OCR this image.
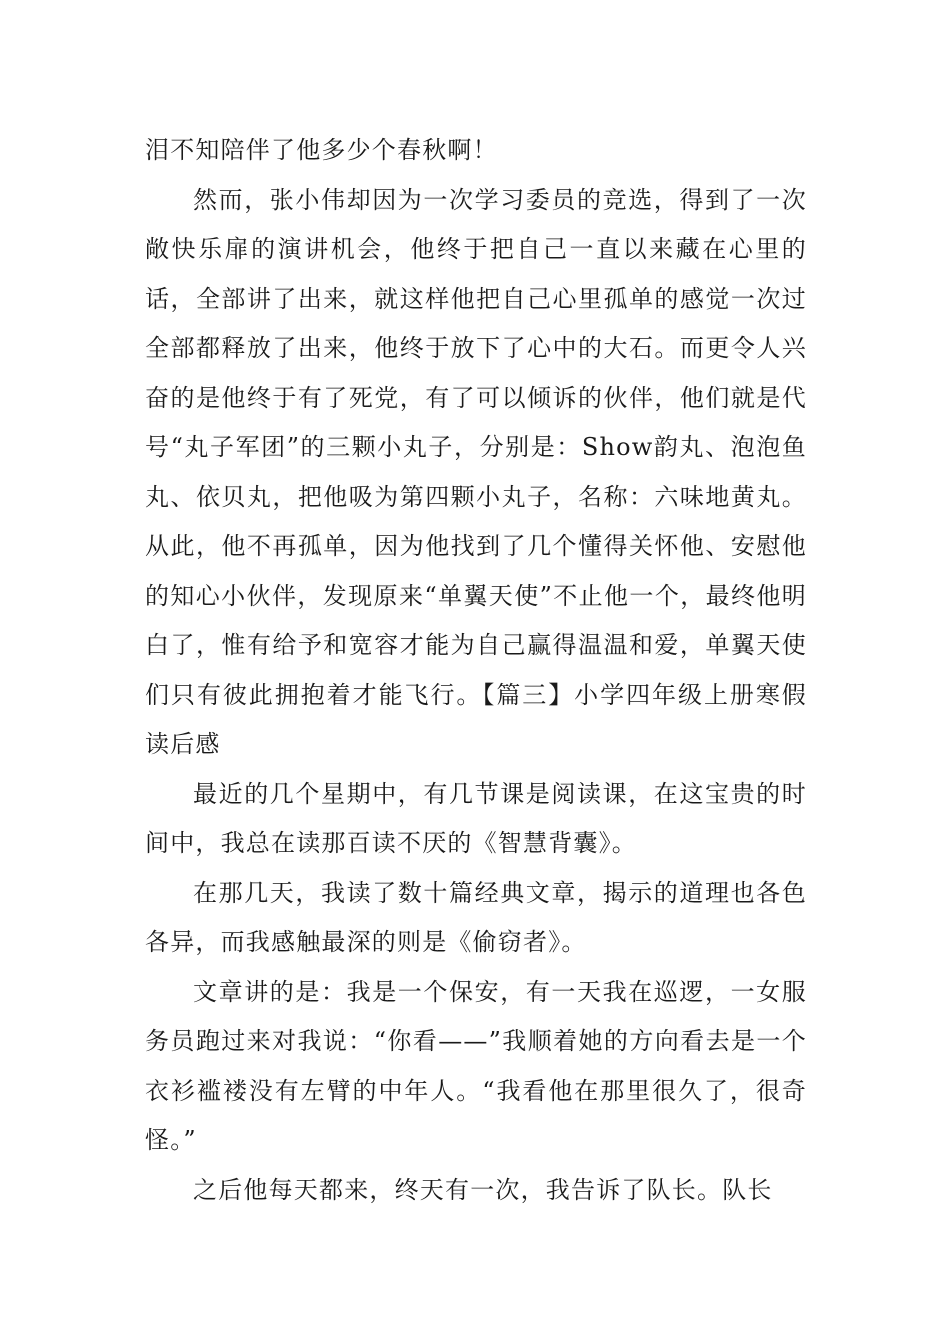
泪不知陪伴了他多少个春秋啊！

然而，张小伟却因为一次学习委员的竞选，得到了一次敞快乐扉的演讲机会，他终于把自己一直以来藏在心里的话，全部讲了出来，就这样他把自己心里孤单的感觉一次过全部都释放了出来，他终于放下了心中的大石。而更令人兴奋的是他终于有了死党，有了可以倾诉的伙伴，他们就是代号“丸子军团”的三颗小丸子，分别是：Show韵丸、泡泡鱼丸、依贝丸，把他吸为第四颗小丸子，名称：六味地黄丸。从此，他不再孤单，因为他找到了几个懂得关怀他、安慰他的知心小伙伴，发现原来“单翼天使”不止他一个，最终他明白了，惟有给予和宽容才能为自己赢得温温和爱，单翼天使们只有彼此拥抱着才能飞行。【篇三】小学四年级上册寒假读后感

最近的几个星期中，有几节课是阅读课，在这宝贵的时间中，我总在读那百读不厌的《智慧背囊》。

在那几天，我读了数十篇经典文章，揭示的道理也各色各异，而我感触最深的则是《偷窃者》。

文章讲的是：我是一个保安，有一天我在巡逻，一女服务员跑过来对我说：“你看——”我顺着她的方向看去是一个衣衫褴褛没有左臂的中年人。“我看他在那里很久了，很奇怪。”

之后他每天都来，终天有一次，我告诉了队长。队长
